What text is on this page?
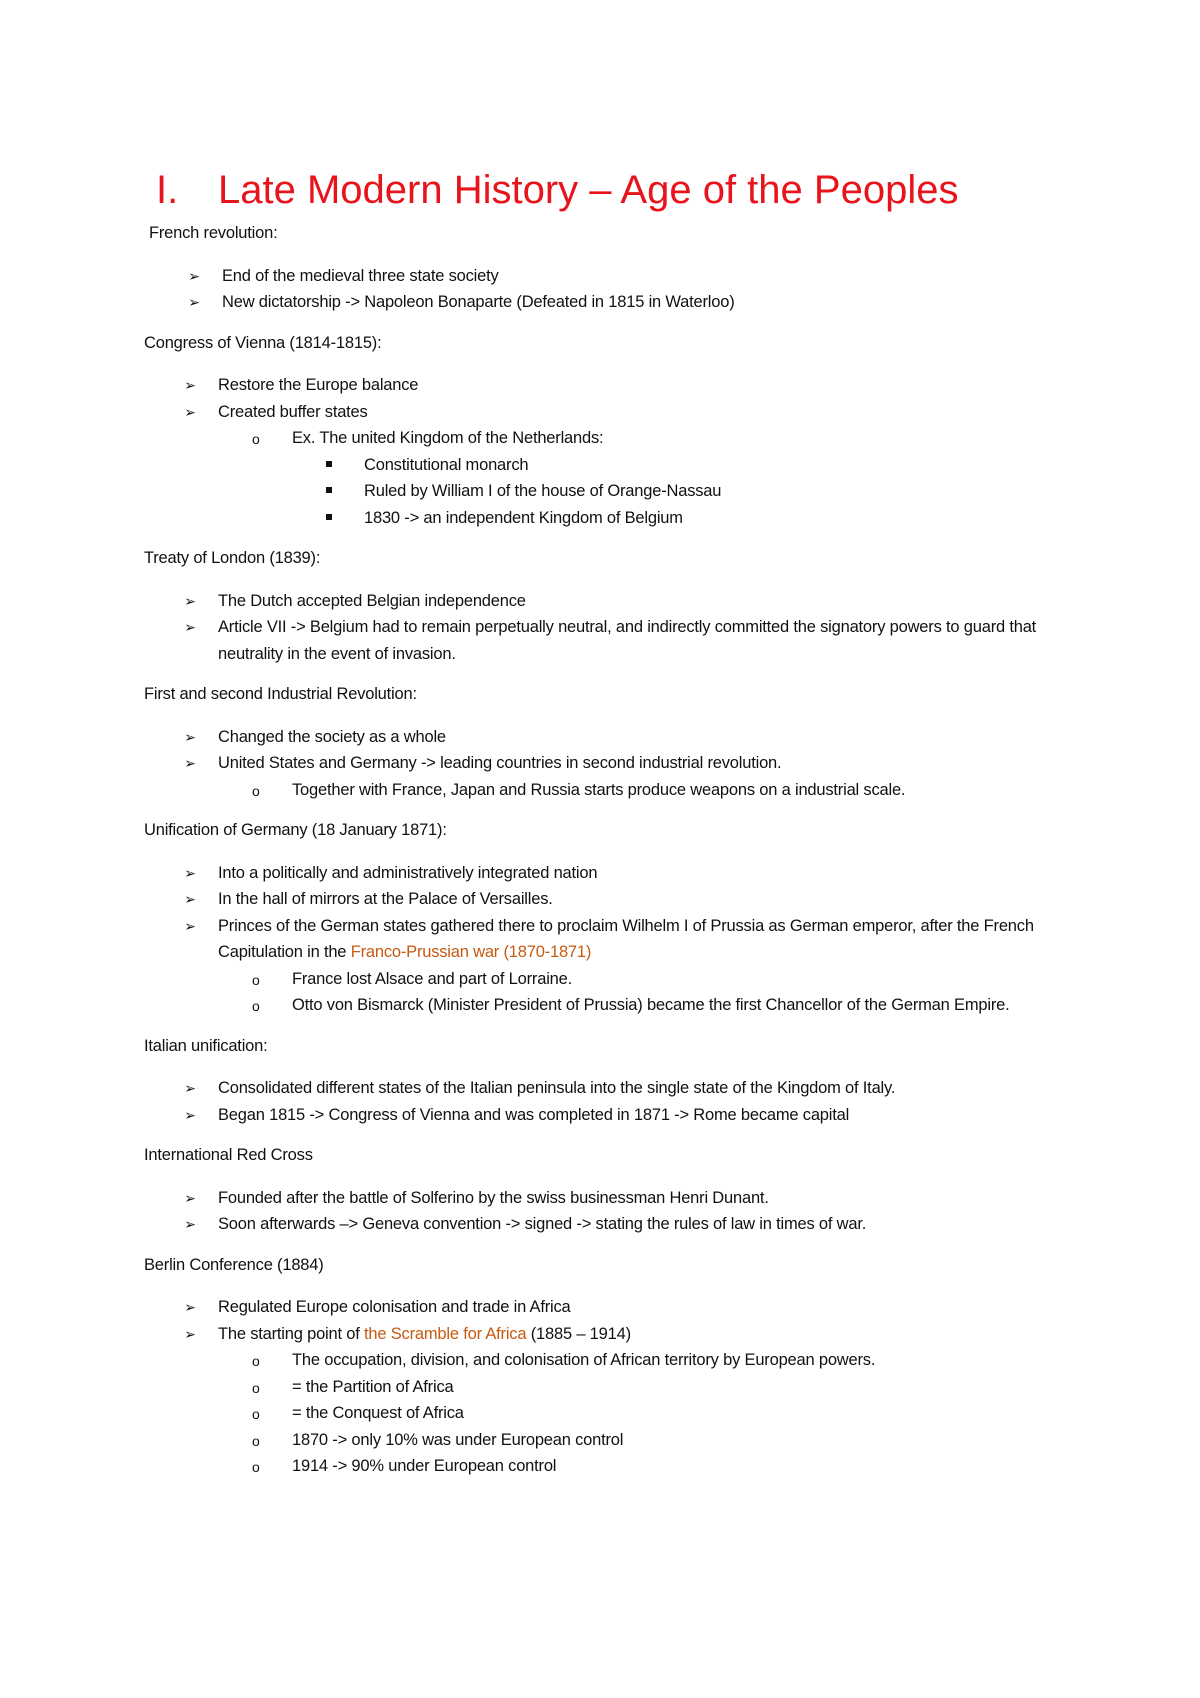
I. Late Modern History – Age of the Peoples

French revolution:

➢ End of the medieval three state society
➢ New dictatorship -> Napoleon Bonaparte (Defeated in 1815 in Waterloo)

Congress of Vienna (1814-1815):

➢ Restore the Europe balance
➢ Created buffer states
o Ex. The united Kingdom of the Netherlands:
Constitutional monarch
Ruled by William I of the house of Orange-Nassau
1830 -> an independent Kingdom of Belgium

Treaty of London (1839):

➢ The Dutch accepted Belgian independence
➢ Article VII -> Belgium had to remain perpetually neutral, and indirectly committed the signatory powers to guard that neutrality in the event of invasion.

First and second Industrial Revolution:

➢ Changed the society as a whole
➢ United States and Germany -> leading countries in second industrial revolution.
o Together with France, Japan and Russia starts produce weapons on a industrial scale.

Unification of Germany (18 January 1871):

➢ Into a politically and administratively integrated nation
➢ In the hall of mirrors at the Palace of Versailles.
➢ Princes of the German states gathered there to proclaim Wilhelm I of Prussia as German emperor, after the French Capitulation in the Franco-Prussian war (1870-1871)
o France lost Alsace and part of Lorraine.
o Otto von Bismarck (Minister President of Prussia) became the first Chancellor of the German Empire.

Italian unification:

➢ Consolidated different states of the Italian peninsula into the single state of the Kingdom of Italy.
➢ Began 1815 -> Congress of Vienna and was completed in 1871 -> Rome became capital

International Red Cross

➢ Founded after the battle of Solferino by the swiss businessman Henri Dunant.
➢ Soon afterwards –> Geneva convention -> signed -> stating the rules of law in times of war.

Berlin Conference (1884)

➢ Regulated Europe colonisation and trade in Africa
➢ The starting point of the Scramble for Africa (1885 – 1914)
o The occupation, division, and colonisation of African territory by European powers.
o = the Partition of Africa
o = the Conquest of Africa
o 1870 -> only 10% was under European control
o 1914 -> 90% under European control
